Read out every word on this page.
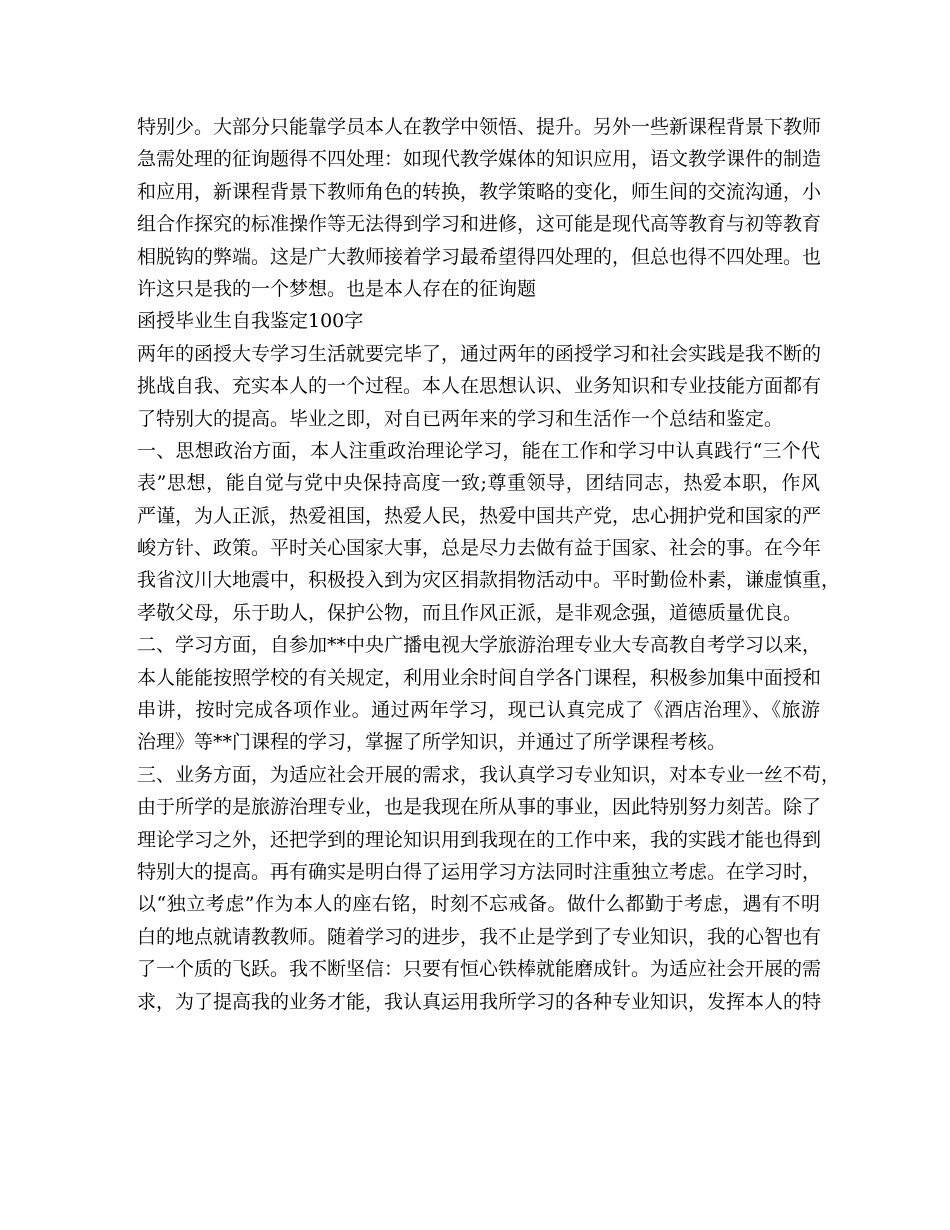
特别少。大部分只能靠学员本人在教学中领悟、提升。另外一些新课程背景下教师
急需处理的征询题得不四处理：如现代教学媒体的知识应用，语文教学课件的制造
和应用，新课程背景下教师角色的转换，教学策略的变化，师生间的交流沟通，小
组合作探究的标准操作等无法得到学习和进修，这可能是现代高等教育与初等教育
相脱钩的弊端。这是广大教师接着学习最希望得四处理的，但总也得不四处理。也
许这只是我的一个梦想。也是本人存在的征询题
函授毕业生自我鉴定100字
两年的函授大专学习生活就要完毕了，通过两年的函授学习和社会实践是我不断的
挑战自我、充实本人的一个过程。本人在思想认识、业务知识和专业技能方面都有
了特别大的提高。毕业之即，对自已两年来的学习和生活作一个总结和鉴定。
一、思想政治方面，本人注重政治理论学习，能在工作和学习中认真践行“三个代
表”思想，能自觉与党中央保持高度一致;尊重领导，团结同志，热爱本职，作风
严谨，为人正派，热爱祖国，热爱人民，热爱中国共产党，忠心拥护党和国家的严
峻方针、政策。平时关心国家大事，总是尽力去做有益于国家、社会的事。在今年
我省汶川大地震中，积极投入到为灾区捐款捐物活动中。平时勤俭朴素，谦虚慎重，
孝敬父母，乐于助人，保护公物，而且作风正派，是非观念强，道德质量优良。
二、学习方面，自参加**中央广播电视大学旅游治理专业大专高教自考学习以来，
本人能能按照学校的有关规定，利用业余时间自学各门课程，积极参加集中面授和
串讲，按时完成各项作业。通过两年学习，现已认真完成了《酒店治理》、《旅游
治理》等**门课程的学习，掌握了所学知识，并通过了所学课程考核。
三、业务方面，为适应社会开展的需求，我认真学习专业知识，对本专业一丝不苟，
由于所学的是旅游治理专业，也是我现在所从事的事业，因此特别努力刻苦。除了
理论学习之外，还把学到的理论知识用到我现在的工作中来，我的实践才能也得到
特别大的提高。再有确实是明白得了运用学习方法同时注重独立考虑。在学习时，
以“独立考虑”作为本人的座右铭，时刻不忘戒备。做什么都勤于考虑，遇有不明
白的地点就请教教师。随着学习的进步，我不止是学到了专业知识，我的心智也有
了一个质的飞跃。我不断坚信：只要有恒心铁棒就能磨成针。为适应社会开展的需
求，为了提高我的业务才能，我认真运用我所学习的各种专业知识，发挥本人的特
